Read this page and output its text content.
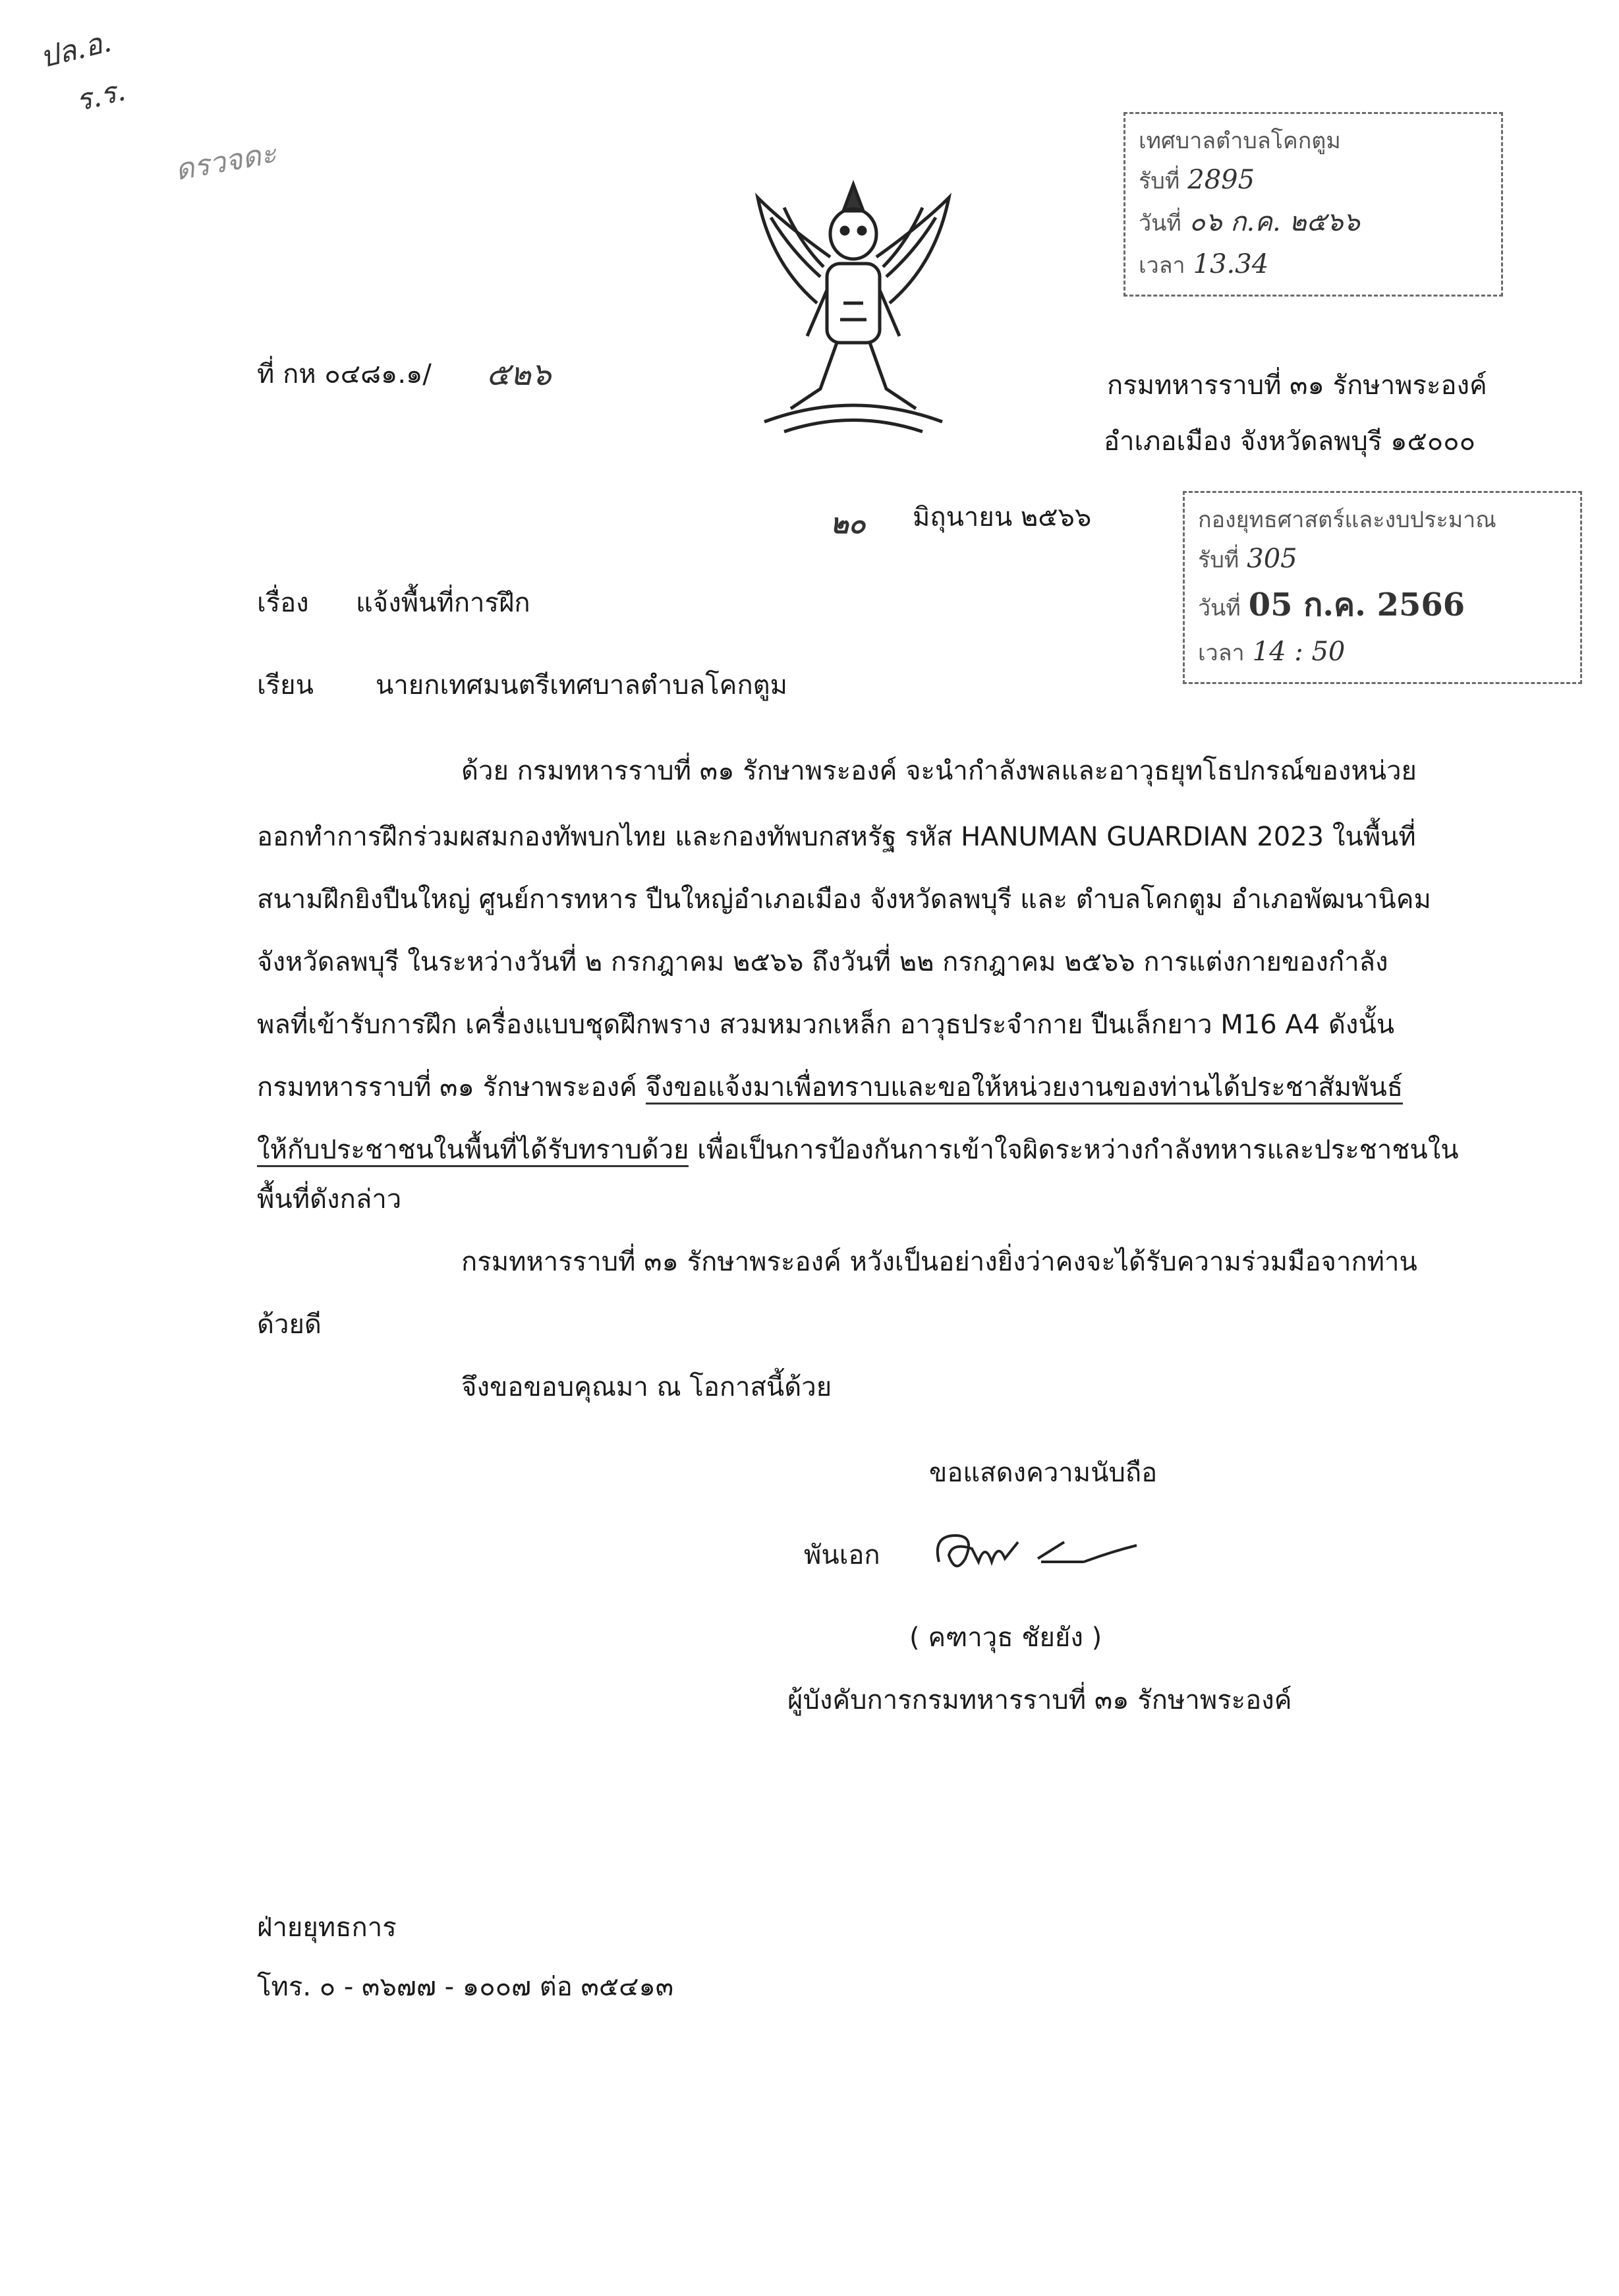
ปล.อ.
ร.ร.
ดรวจดะ
ที่ กห ๐๔๘๑.๑/ ๕๒๖	กรมทหารราบที่ ๓๑ รักษาพระองค์
อำเภอเมือง จังหวัดลพบุรี ๑๕๐๐๐
๒๐ มิถุนายน ๒๕๖๖
เทศบาลตำบลโคกตูม
รับที่ 2895
วันที่ ๐๖ ก.ค. ๒๕๖๖
เวลา 13.34
กองยุทธศาสตร์และงบประมาณ
รับที่ 305
วันที่ 05 ก.ค. 2566
เวลา 14 : 50
เรื่อง แจ้งพื้นที่การฝึก
เรียน นายกเทศมนตรีเทศบาลตำบลโคกตูม
ด้วย กรมทหารราบที่ ๓๑ รักษาพระองค์ จะนำกำลังพลและอาวุธยุทโธปกรณ์ของหน่วย
ออกทำการฝึกร่วมผสมกองทัพบกไทย และกองทัพบกสหรัฐ รหัส HANUMAN GUARDIAN 2023 ในพื้นที่
สนามฝึกยิงปืนใหญ่ ศูนย์การทหาร ปืนใหญ่อำเภอเมือง จังหวัดลพบุรี และ ตำบลโคกตูม อำเภอพัฒนานิคม
จังหวัดลพบุรี ในระหว่างวันที่ ๒ กรกฎาคม ๒๕๖๖ ถึงวันที่ ๒๒ กรกฎาคม ๒๕๖๖ การแต่งกายของกำลัง
พลที่เข้ารับการฝึก เครื่องแบบชุดฝึกพราง สวมหมวกเหล็ก อาวุธประจำกาย ปืนเล็กยาว M16 A4 ดังนั้น
กรมทหารราบที่ ๓๑ รักษาพระองค์ จึงขอแจ้งมาเพื่อทราบและขอให้หน่วยงานของท่านได้ประชาสัมพันธ์
ให้กับประชาชนในพื้นที่ได้รับทราบด้วย เพื่อเป็นการป้องกันการเข้าใจผิดระหว่างกำลังทหารและประชาชนใน
พื้นที่ดังกล่าว
กรมทหารราบที่ ๓๑ รักษาพระองค์ หวังเป็นอย่างยิ่งว่าคงจะได้รับความร่วมมือจากท่าน
ด้วยดี
จึงขอขอบคุณมา ณ โอกาสนี้ด้วย
ขอแสดงความนับถือ
พันเอก
( คฑาวุธ ชัยยัง )
ผู้บังคับการกรมทหารราบที่ ๓๑ รักษาพระองค์
ฝ่ายยุทธการ
โทร. ๐ - ๓๖๗๗ - ๑๐๐๗ ต่อ ๓๕๔๑๓
